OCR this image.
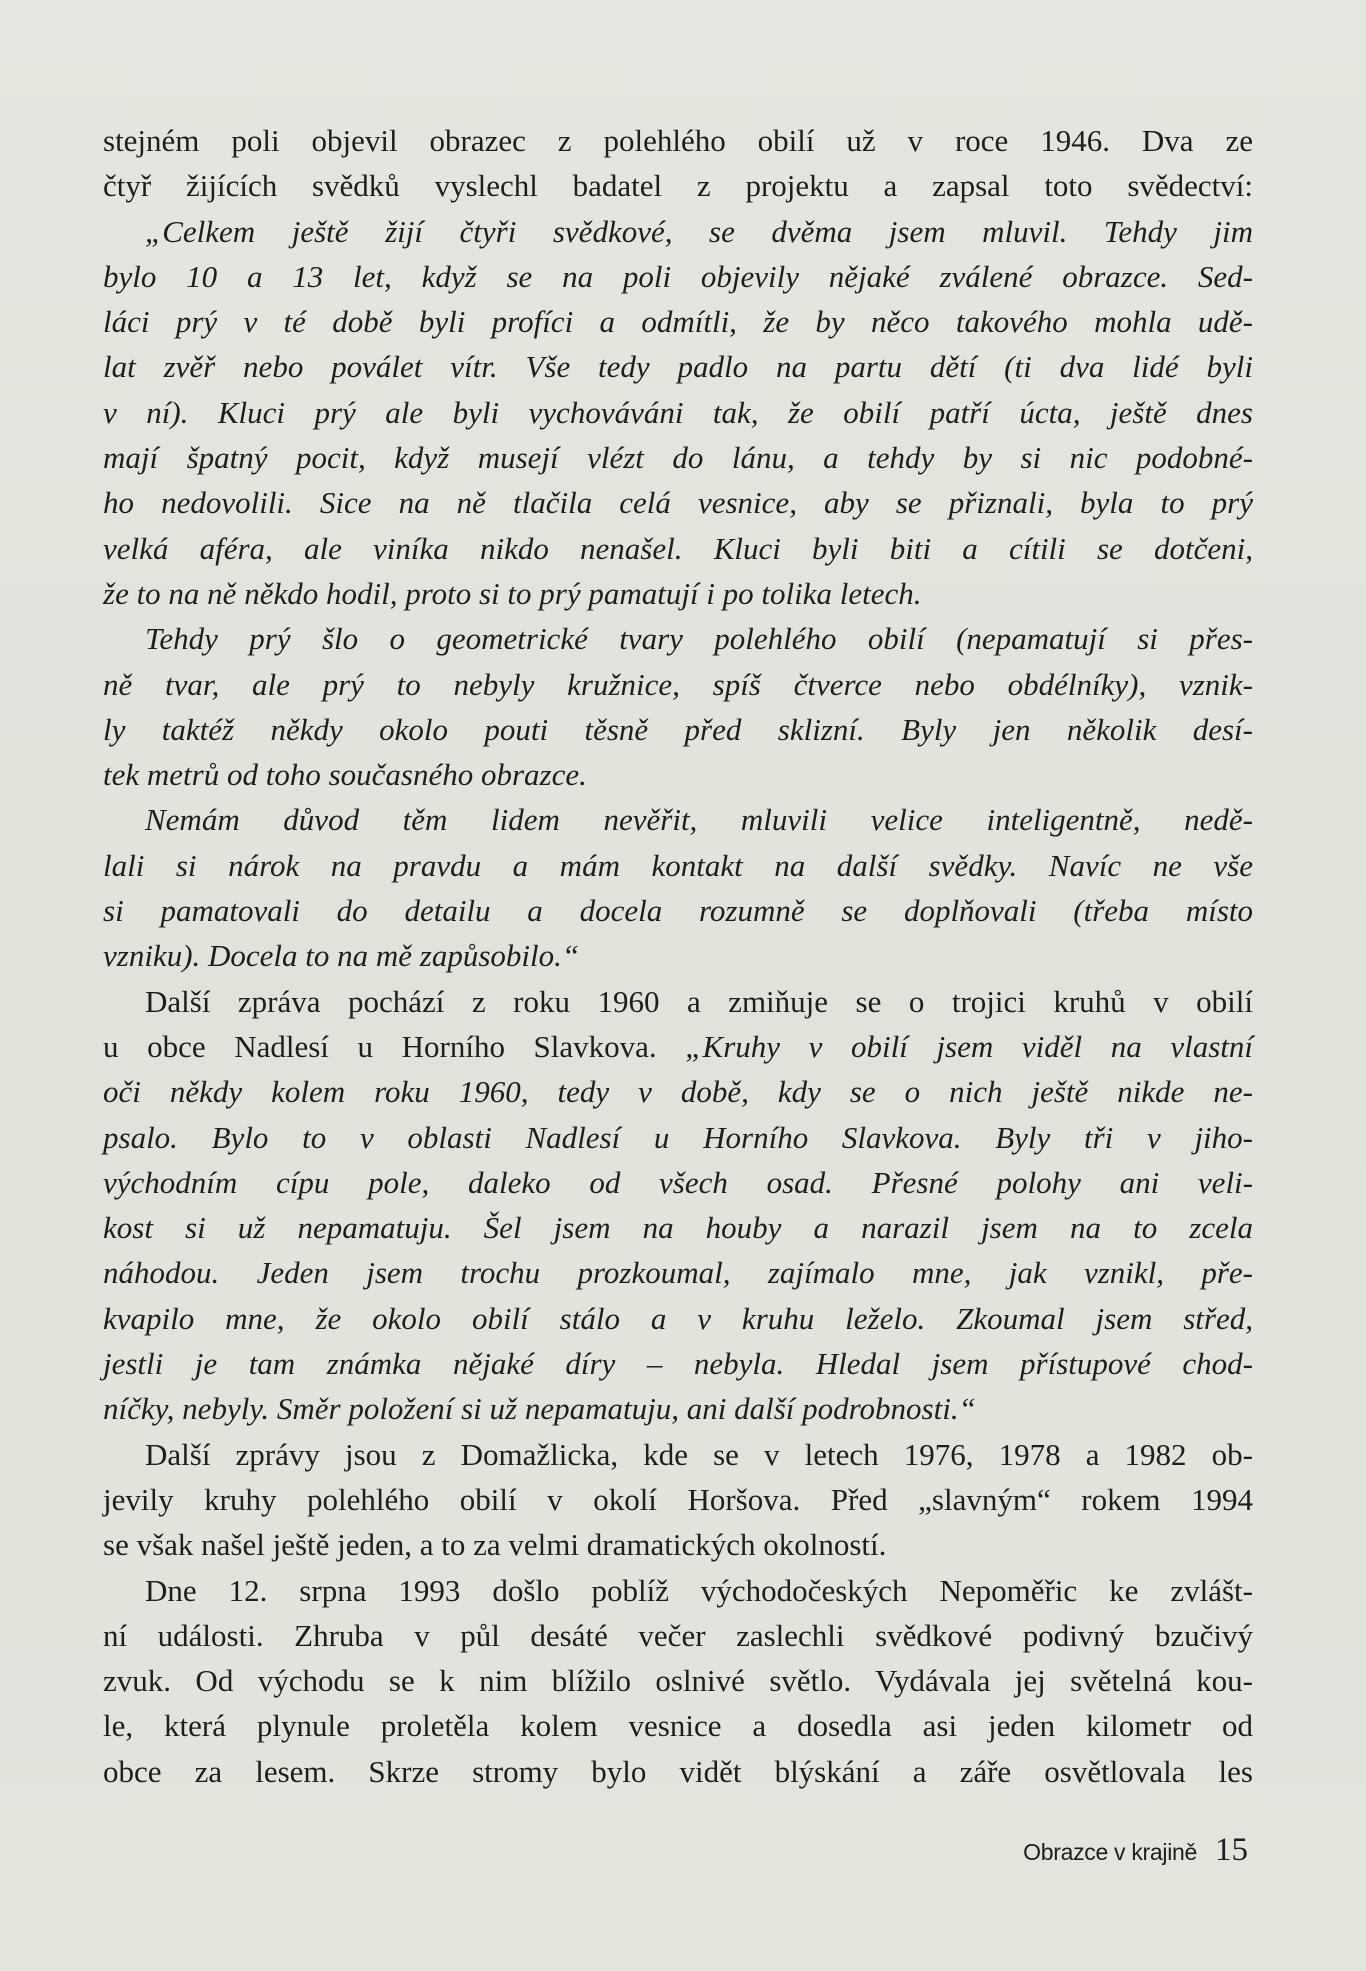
stejném poli objevil obrazec z polehlého obilí už v roce 1946. Dva ze
čtyř žijících svědků vyslechl badatel z projektu a zapsal toto svědectví:
„Celkem ještě žijí čtyři svědkové, se dvěma jsem mluvil. Tehdy jim
bylo 10 a 13 let, když se na poli objevily nějaké zválené obrazce. Sed-
láci prý v té době byli profíci a odmítli, že by něco takového mohla udě-
lat zvěř nebo poválet vítr. Vše tedy padlo na partu dětí (ti dva lidé byli
v ní). Kluci prý ale byli vychováváni tak, že obilí patří úcta, ještě dnes
mají špatný pocit, když musejí vlézt do lánu, a tehdy by si nic podobné-
ho nedovolili. Sice na ně tlačila celá vesnice, aby se přiznali, byla to prý
velká aféra, ale viníka nikdo nenašel. Kluci byli biti a cítili se dotčeni,
že to na ně někdo hodil, proto si to prý pamatují i po tolika letech.
Tehdy prý šlo o geometrické tvary polehlého obilí (nepamatují si přes-
ně tvar, ale prý to nebyly kružnice, spíš čtverce nebo obdélníky), vznik-
ly taktéž někdy okolo pouti těsně před sklizní. Byly jen několik desí-
tek metrů od toho současného obrazce.
Nemám důvod těm lidem nevěřit, mluvili velice inteligentně, nedě-
lali si nárok na pravdu a mám kontakt na další svědky. Navíc ne vše
si pamatovali do detailu a docela rozumně se doplňovali (třeba místo
vzniku). Docela to na mě zapůsobilo.“
Další zpráva pochází z roku 1960 a zmiňuje se o trojici kruhů v obilí
u obce Nadlesí u Horního Slavkova. „Kruhy v obilí jsem viděl na vlastní
oči někdy kolem roku 1960, tedy v době, kdy se o nich ještě nikde ne-
psalo. Bylo to v oblasti Nadlesí u Horního Slavkova. Byly tři v jiho-
východním cípu pole, daleko od všech osad. Přesné polohy ani veli-
kost si už nepamatuju. Šel jsem na houby a narazil jsem na to zcela
náhodou. Jeden jsem trochu prozkoumal, zajímalo mne, jak vznikl, pře-
kvapilo mne, že okolo obilí stálo a v kruhu leželo. Zkoumal jsem střed,
jestli je tam známka nějaké díry – nebyla. Hledal jsem přístupové chod-
níčky, nebyly. Směr položení si už nepamatuju, ani další podrobnosti.“
Další zprávy jsou z Domažlicka, kde se v letech 1976, 1978 a 1982 ob-
jevily kruhy polehlého obilí v okolí Horšova. Před „slavným“ rokem 1994
se však našel ještě jeden, a to za velmi dramatických okolností.
Dne 12. srpna 1993 došlo poblíž východočeských Nepoměřic ke zvlášt-
ní události. Zhruba v půl desáté večer zaslechli svědkové podivný bzučivý
zvuk. Od východu se k nim blížilo oslnivé světlo. Vydávala jej světelná kou-
le, která plynule proletěla kolem vesnice a dosedla asi jeden kilometr od
obce za lesem. Skrze stromy bylo vidět blýskání a záře osvětlovala les
Obrazce v krajině 15
